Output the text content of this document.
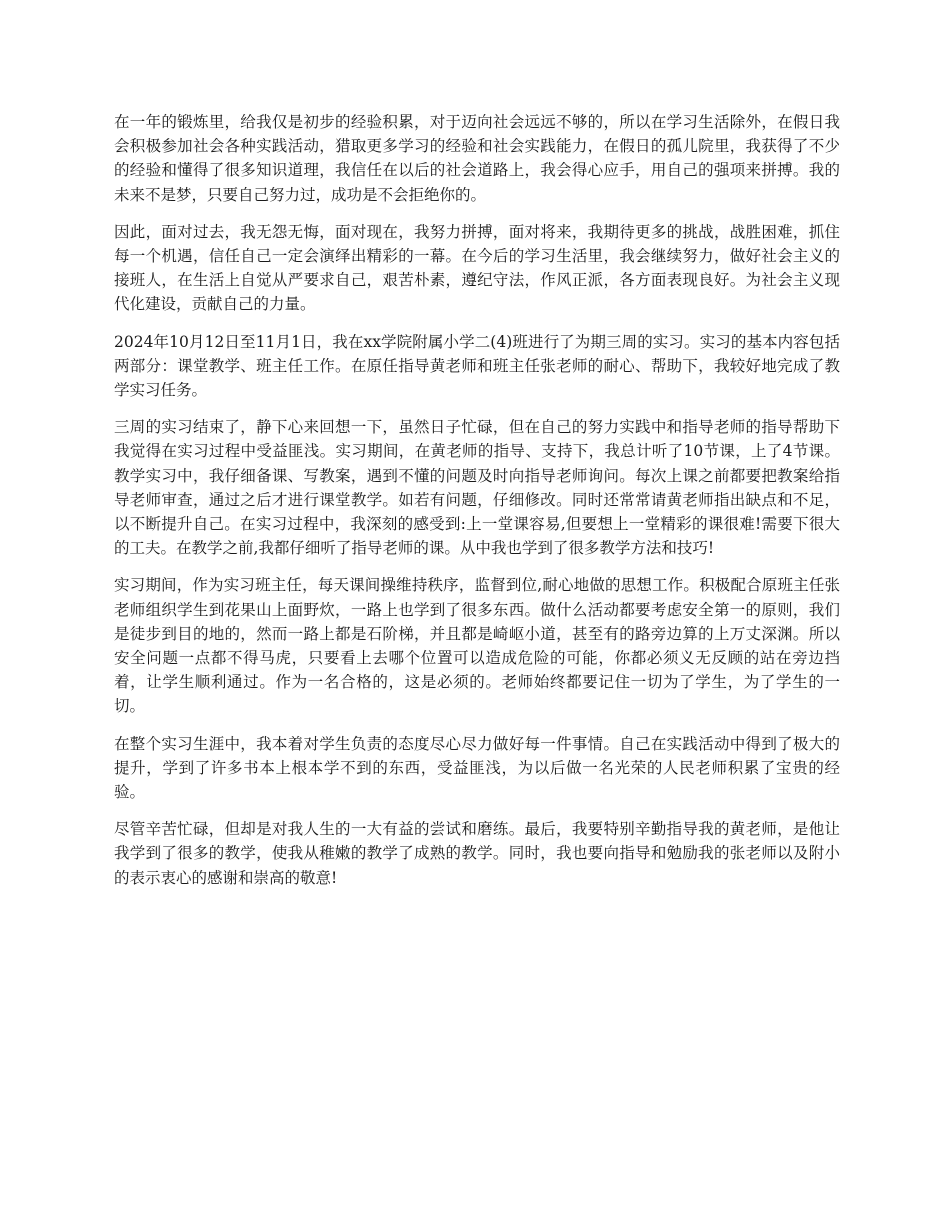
在一年的锻炼里，给我仅是初步的经验积累，对于迈向社会远远不够的，所以在学习生活除外，在假日我会积极参加社会各种实践活动，猎取更多学习的经验和社会实践能力，在假日的孤儿院里，我获得了不少的经验和懂得了很多知识道理，我信任在以后的社会道路上，我会得心应手，用自己的强项来拼搏。我的未来不是梦，只要自己努力过，成功是不会拒绝你的。

因此，面对过去，我无怨无悔，面对现在，我努力拼搏，面对将来，我期待更多的挑战，战胜困难，抓住每一个机遇，信任自己一定会演绎出精彩的一幕。在今后的学习生活里，我会继续努力，做好社会主义的接班人，在生活上自觉从严要求自己，艰苦朴素，遵纪守法，作风正派，各方面表现良好。为社会主义现代化建设，贡献自己的力量。

2024年10月12日至11月1日，我在xx学院附属小学二(4)班进行了为期三周的实习。实习的基本内容包括两部分：课堂教学、班主任工作。在原任指导黄老师和班主任张老师的耐心、帮助下，我较好地完成了教学实习任务。

三周的实习结束了，静下心来回想一下，虽然日子忙碌，但在自己的努力实践中和指导老师的指导帮助下我觉得在实习过程中受益匪浅。实习期间，在黄老师的指导、支持下，我总计听了10节课，上了4节课。教学实习中，我仔细备课、写教案，遇到不懂的问题及时向指导老师询问。每次上课之前都要把教案给指导老师审查，通过之后才进行课堂教学。如若有问题，仔细修改。同时还常常请黄老师指出缺点和不足，以不断提升自己。在实习过程中，我深刻的感受到:上一堂课容易,但要想上一堂精彩的课很难!需要下很大的工夫。在教学之前,我都仔细听了指导老师的课。从中我也学到了很多教学方法和技巧!

实习期间，作为实习班主任，每天课间操维持秩序，监督到位,耐心地做的思想工作。积极配合原班主任张老师组织学生到花果山上面野炊，一路上也学到了很多东西。做什么活动都要考虑安全第一的原则，我们是徒步到目的地的，然而一路上都是石阶梯，并且都是崎岖小道，甚至有的路旁边算的上万丈深渊。所以安全问题一点都不得马虎，只要看上去哪个位置可以造成危险的可能，你都必须义无反顾的站在旁边挡着，让学生顺利通过。作为一名合格的，这是必须的。老师始终都要记住一切为了学生，为了学生的一切。

在整个实习生涯中，我本着对学生负责的态度尽心尽力做好每一件事情。自己在实践活动中得到了极大的提升，学到了许多书本上根本学不到的东西，受益匪浅，为以后做一名光荣的人民老师积累了宝贵的经验。

尽管辛苦忙碌，但却是对我人生的一大有益的尝试和磨练。最后，我要特别辛勤指导我的黄老师，是他让我学到了很多的教学，使我从稚嫩的教学了成熟的教学。同时，我也要向指导和勉励我的张老师以及附小的表示衷心的感谢和崇高的敬意!
